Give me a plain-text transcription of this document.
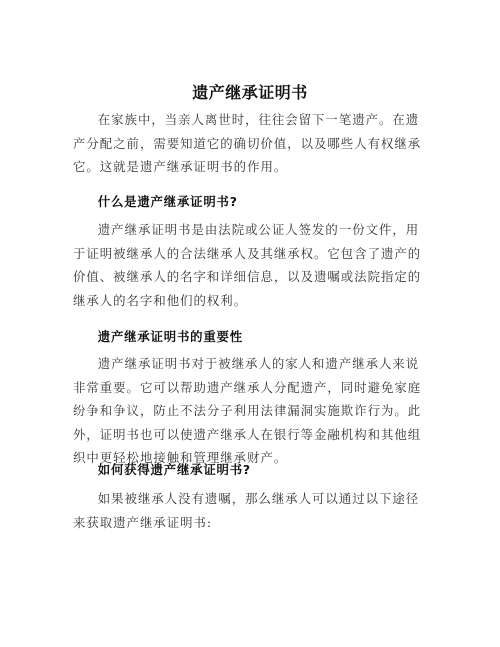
遗产继承证明书

在家族中，当亲人离世时，往往会留下一笔遗产。在遗产分配之前，需要知道它的确切价值，以及哪些人有权继承它。这就是遗产继承证明书的作用。

什么是遗产继承证明书?

遗产继承证明书是由法院或公证人签发的一份文件，用于证明被继承人的合法继承人及其继承权。它包含了遗产的价值、被继承人的名字和详细信息，以及遗嘱或法院指定的继承人的名字和他们的权利。

遗产继承证明书的重要性

遗产继承证明书对于被继承人的家人和遗产继承人来说非常重要。它可以帮助遗产继承人分配遗产，同时避免家庭纷争和争议，防止不法分子利用法律漏洞实施欺诈行为。此外，证明书也可以使遗产继承人在银行等金融机构和其他组织中更轻松地接触和管理继承财产。

如何获得遗产继承证明书?

如果被继承人没有遗嘱，那么继承人可以通过以下途径来获取遗产继承证明书:
